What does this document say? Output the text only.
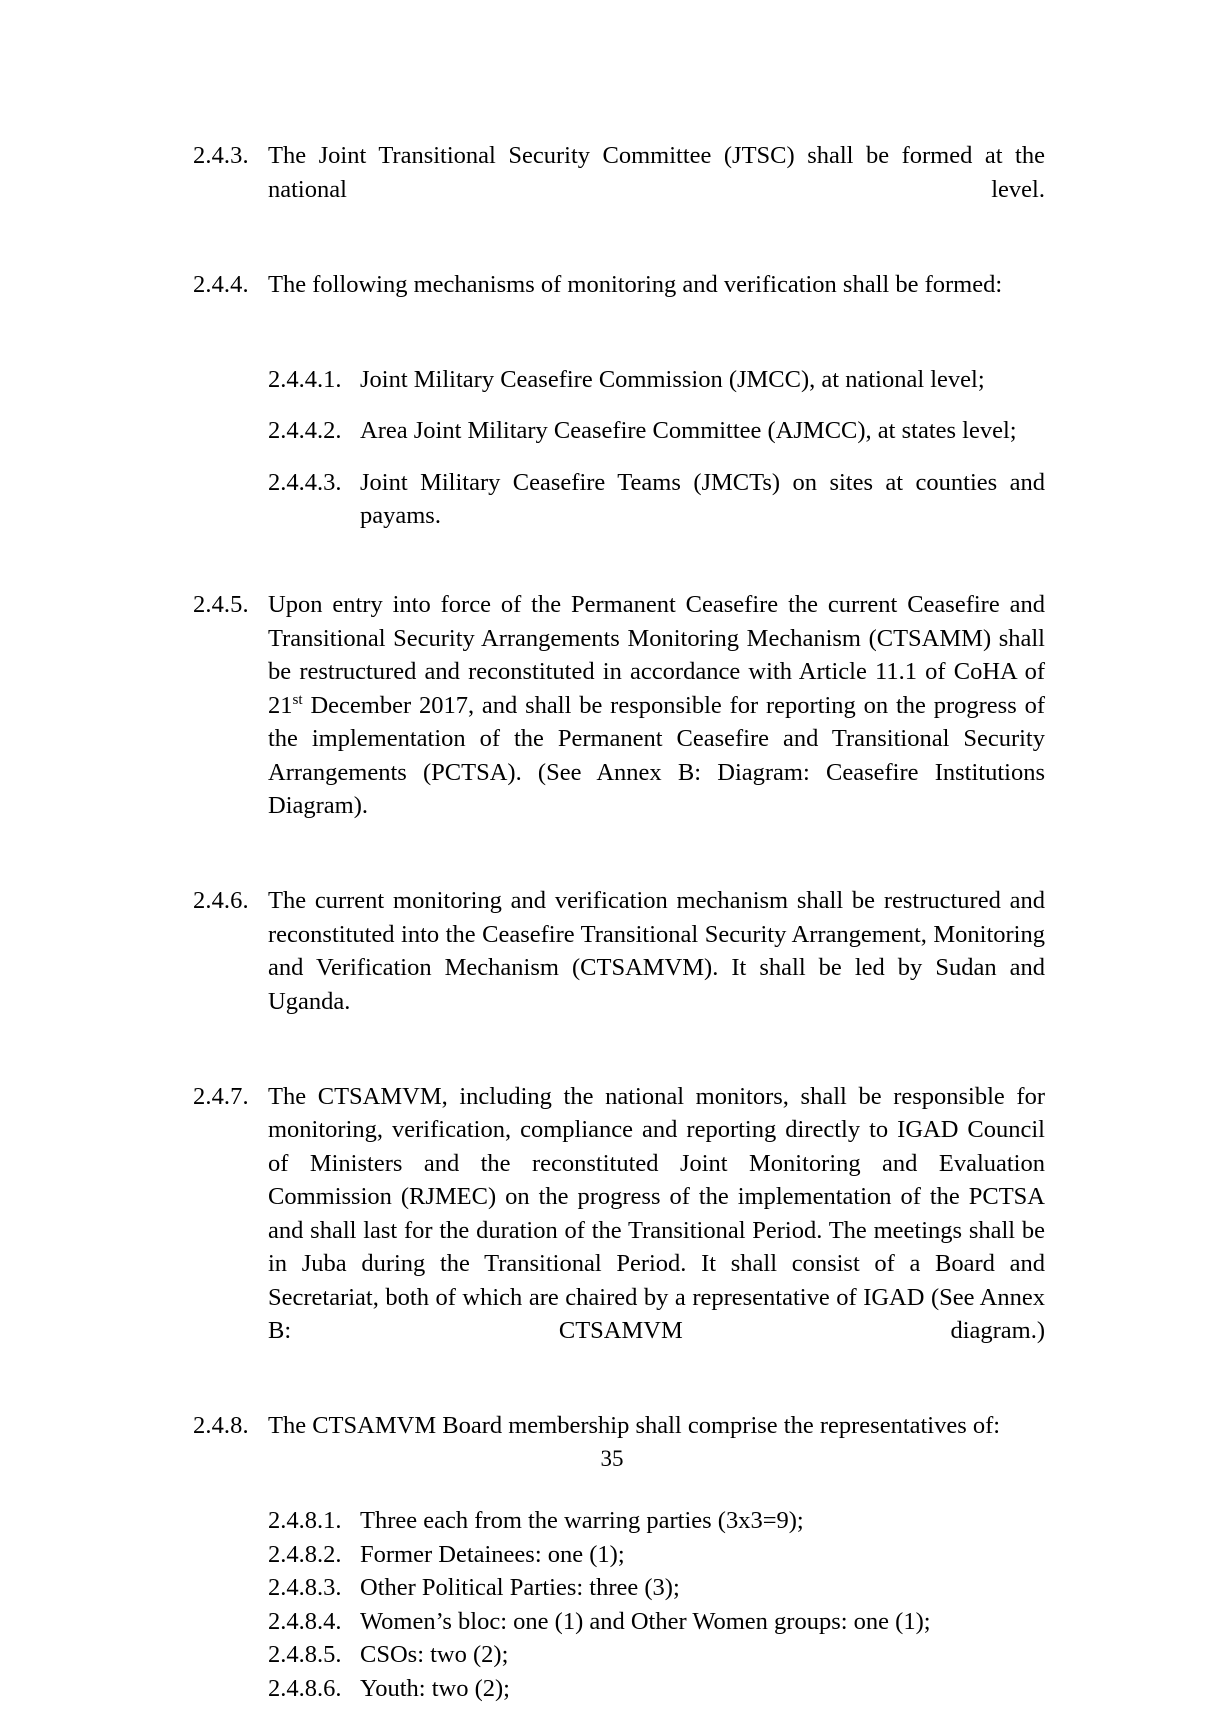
2.4.3. The Joint Transitional Security Committee (JTSC) shall be formed at the national level.
2.4.4. The following mechanisms of monitoring and verification shall be formed:
2.4.4.1. Joint Military Ceasefire Commission (JMCC), at national level;
2.4.4.2. Area Joint Military Ceasefire Committee (AJMCC), at states level;
2.4.4.3. Joint Military Ceasefire Teams (JMCTs) on sites at counties and payams.
2.4.5. Upon entry into force of the Permanent Ceasefire the current Ceasefire and Transitional Security Arrangements Monitoring Mechanism (CTSAMM) shall be restructured and reconstituted in accordance with Article 11.1 of CoHA of 21st December 2017, and shall be responsible for reporting on the progress of the implementation of the Permanent Ceasefire and Transitional Security Arrangements (PCTSA). (See Annex B: Diagram: Ceasefire Institutions Diagram).
2.4.6. The current monitoring and verification mechanism shall be restructured and reconstituted into the Ceasefire Transitional Security Arrangement, Monitoring and Verification Mechanism (CTSAMVM). It shall be led by Sudan and Uganda.
2.4.7. The CTSAMVM, including the national monitors, shall be responsible for monitoring, verification, compliance and reporting directly to IGAD Council of Ministers and the reconstituted Joint Monitoring and Evaluation Commission (RJMEC) on the progress of the implementation of the PCTSA and shall last for the duration of the Transitional Period. The meetings shall be in Juba during the Transitional Period. It shall consist of a Board and Secretariat, both of which are chaired by a representative of IGAD (See Annex B: CTSAMVM diagram.)
2.4.8. The CTSAMVM Board membership shall comprise the representatives of:
2.4.8.1. Three each from the warring parties (3x3=9);
2.4.8.2. Former Detainees: one (1);
2.4.8.3. Other Political Parties: three (3);
2.4.8.4. Women’s bloc: one (1) and Other Women groups: one (1);
2.4.8.5. CSOs: two (2);
2.4.8.6. Youth: two (2);
35
